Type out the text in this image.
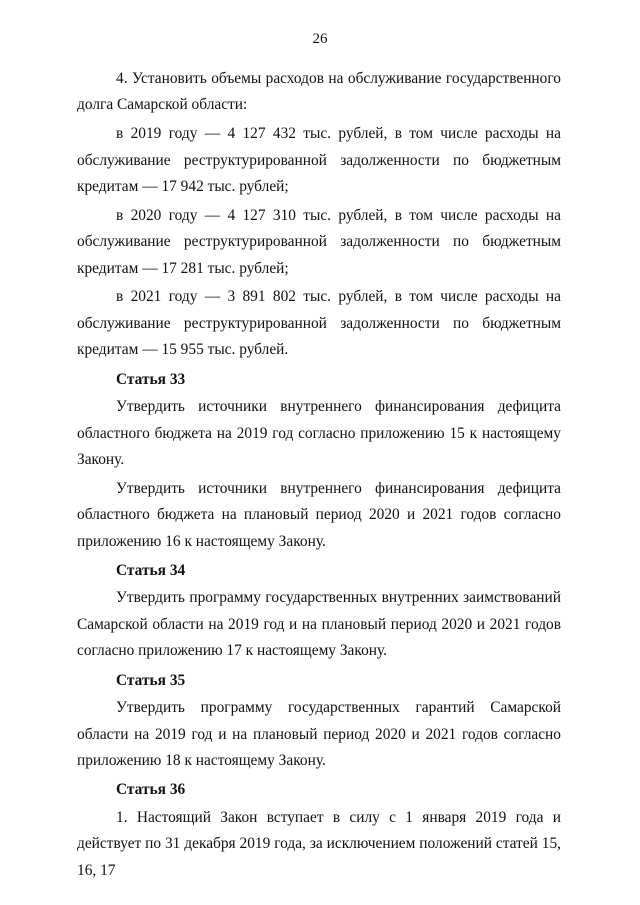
26

4. Установить объемы расходов на обслуживание государственного долга Самарской области:

в 2019 году — 4 127 432 тыс. рублей, в том числе расходы на обслуживание реструктурированной задолженности по бюджетным кредитам — 17 942 тыс. рублей;

в 2020 году — 4 127 310 тыс. рублей, в том числе расходы на обслуживание реструктурированной задолженности по бюджетным кредитам — 17 281 тыс. рублей;

в 2021 году — 3 891 802 тыс. рублей, в том числе расходы на обслуживание реструктурированной задолженности по бюджетным кредитам — 15 955 тыс. рублей.

Статья 33

Утвердить источники внутреннего финансирования дефицита областного бюджета на 2019 год согласно приложению 15 к настоящему Закону.

Утвердить источники внутреннего финансирования дефицита областного бюджета на плановый период 2020 и 2021 годов согласно приложению 16 к настоящему Закону.

Статья 34

Утвердить программу государственных внутренних заимствований Самарской области на 2019 год и на плановый период 2020 и 2021 годов согласно приложению 17 к настоящему Закону.

Статья 35

Утвердить программу государственных гарантий Самарской области на 2019 год и на плановый период 2020 и 2021 годов согласно приложению 18 к настоящему Закону.

Статья 36

1. Настоящий Закон вступает в силу с 1 января 2019 года и действует по 31 декабря 2019 года, за исключением положений статей 15, 16, 17
